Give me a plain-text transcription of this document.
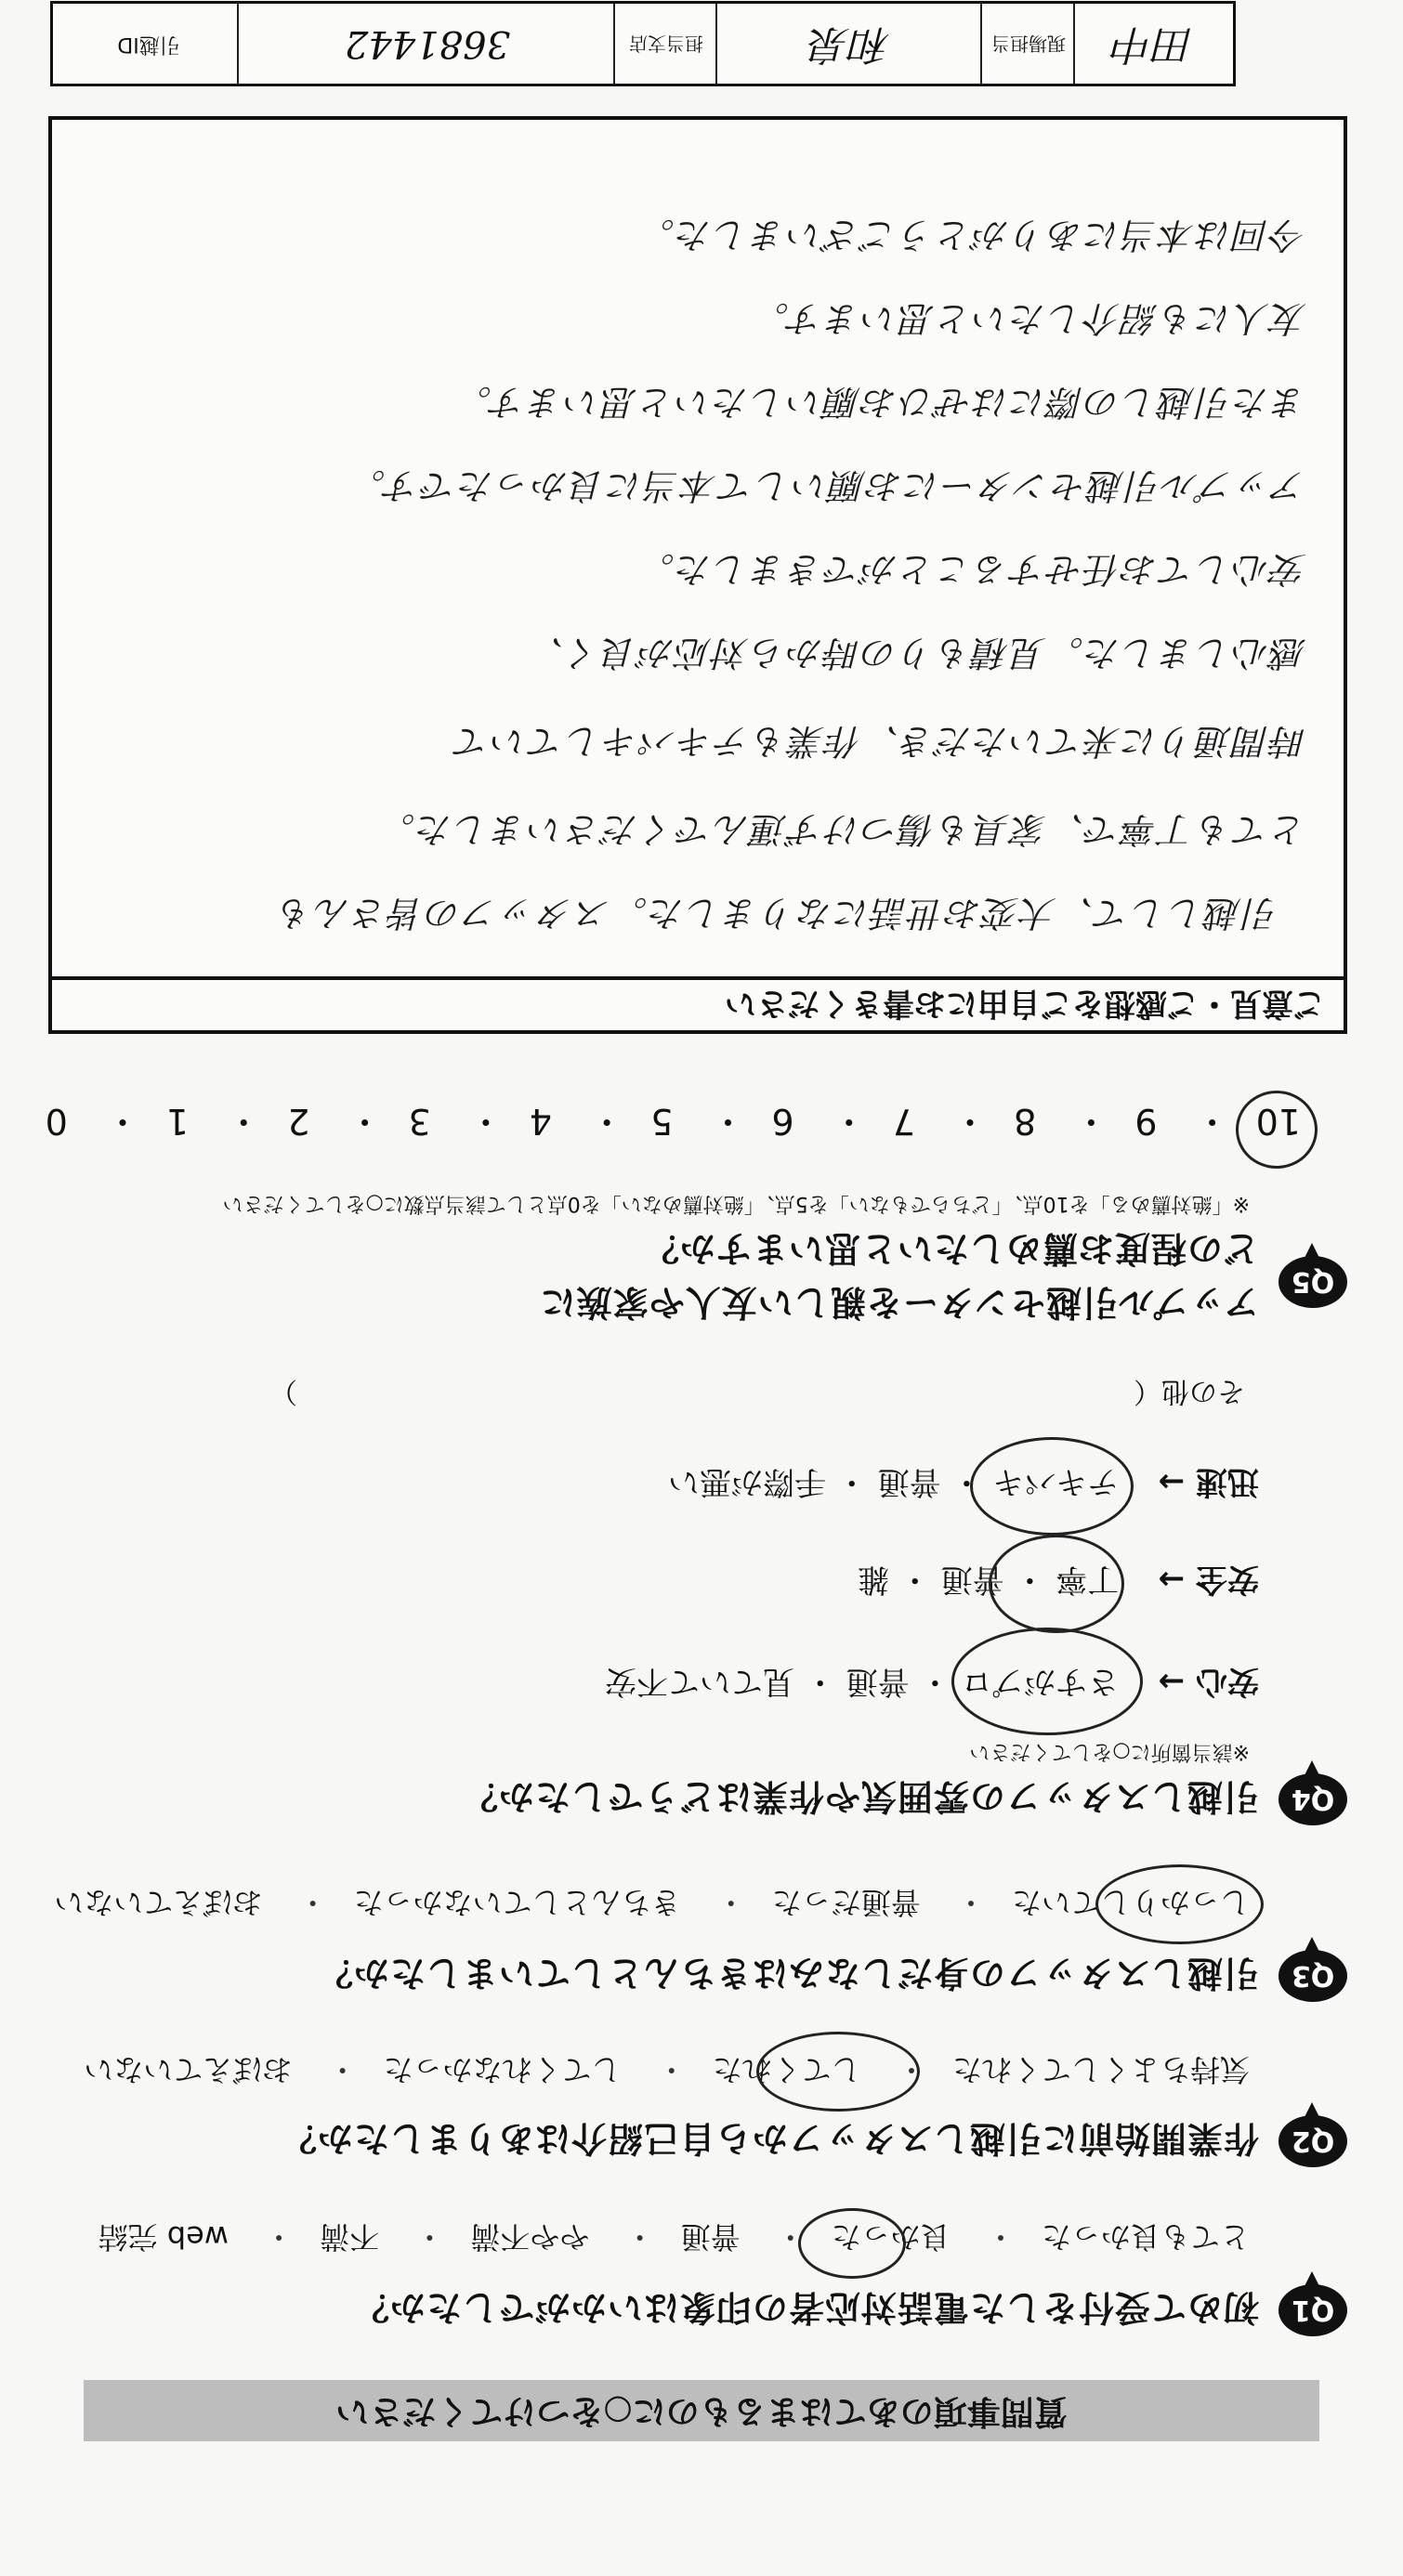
質問事項のあてはまるものに○をつけてください
Q1
初めて受付をした電話対応者の印象はいかがでしたか？
とても良かった・ 良かった・ 普通・ やや不満・ 不満・ web 完結
Q2
作業開始前に引越しスタッフから自己紹介はありましたか？
気持ちよくしてくれた・ してくれた・ してくれなかった・ おぼえていない
Q3
引越しスタッフの身だしなみはきちんとしていましたか？
しっかりしていた・ 普通だった・ きちんとしていなかった・ おぼえていない
Q4
引越しスタッフの雰囲気や作業はどうでしたか？
※該当箇所に○をしてください
安心 → さすがプロ ・ 普通 ・ 見ていて不安
安全 → 丁寧 ・ 普通 ・ 雑
迅速 → テキパキ ・ 普通 ・ 手際が悪い
その他（　　　　　　　　　　　　　　　　　　　　　　　　　　　　　　）
Q5
アップル引越センターを親しい友人や家族に
どの程度お薦めしたいと思いますか？
※「絶対薦める」を10点、「どちらでもない」を5点、「絶対薦めない」を0点として該当点数に○をしてください
10・ 9・ 8・ 7・ 6・ 5・ 4・ 3・ 2・ 1・ 0
ご意見・ご感想をご自由にお書きください
引越しして、大変お世話になりました。スタッフの皆さんも
とても丁寧で、家具も傷つけず運んでくださいました。
時間通りに来ていただき、作業もテキパキしていて
感心しました。見積もりの時から対応が良く、
安心してお任せすることができました。
アップル引越センターにお願いして本当に良かったです。
また引越しの際にはぜひお願いしたいと思います。
友人にも紹介したいと思います。
今回は本当にありがとうございました。
田中
現場担当
和泉
担当支店
3681442
引越ID
